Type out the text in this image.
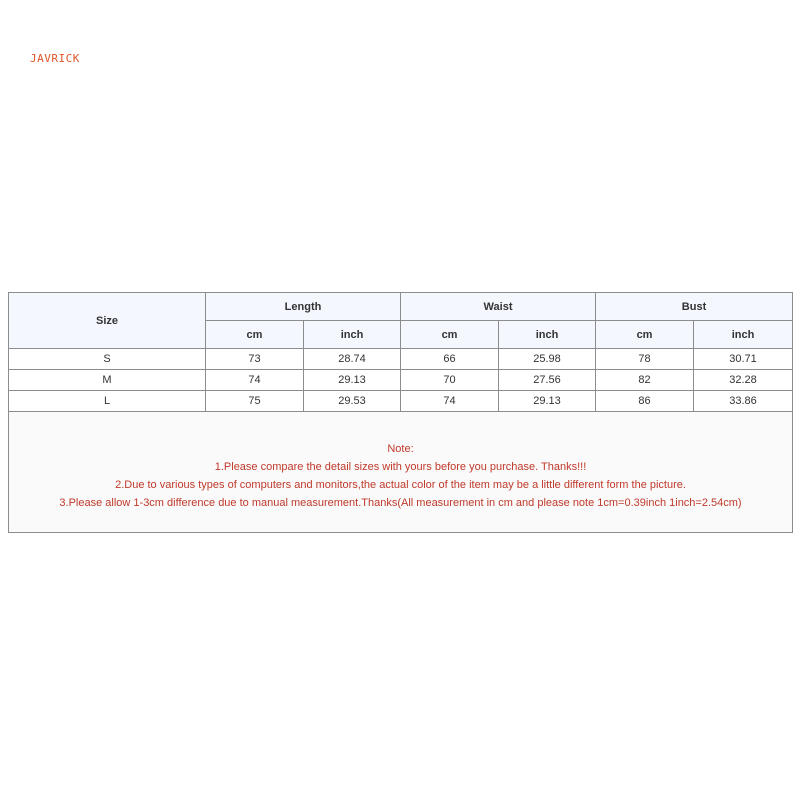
JAVRICK
Size	Length		Waist		Bust	
	cm	inch	cm	inch	cm	inch
S	73	28.74	66	25.98	78	30.71
M	74	29.13	70	27.56	82	32.28
L	75	29.53	74	29.13	86	33.86

Note:
1.Please compare the detail sizes with yours before you purchase. Thanks!!!
2.Due to various types of computers and monitors,the actual color of the item may be a little different form the picture.
3.Please allow 1-3cm difference due to manual measurement.Thanks(All measurement in cm and please note 1cm=0.39inch 1inch=2.54cm)						
